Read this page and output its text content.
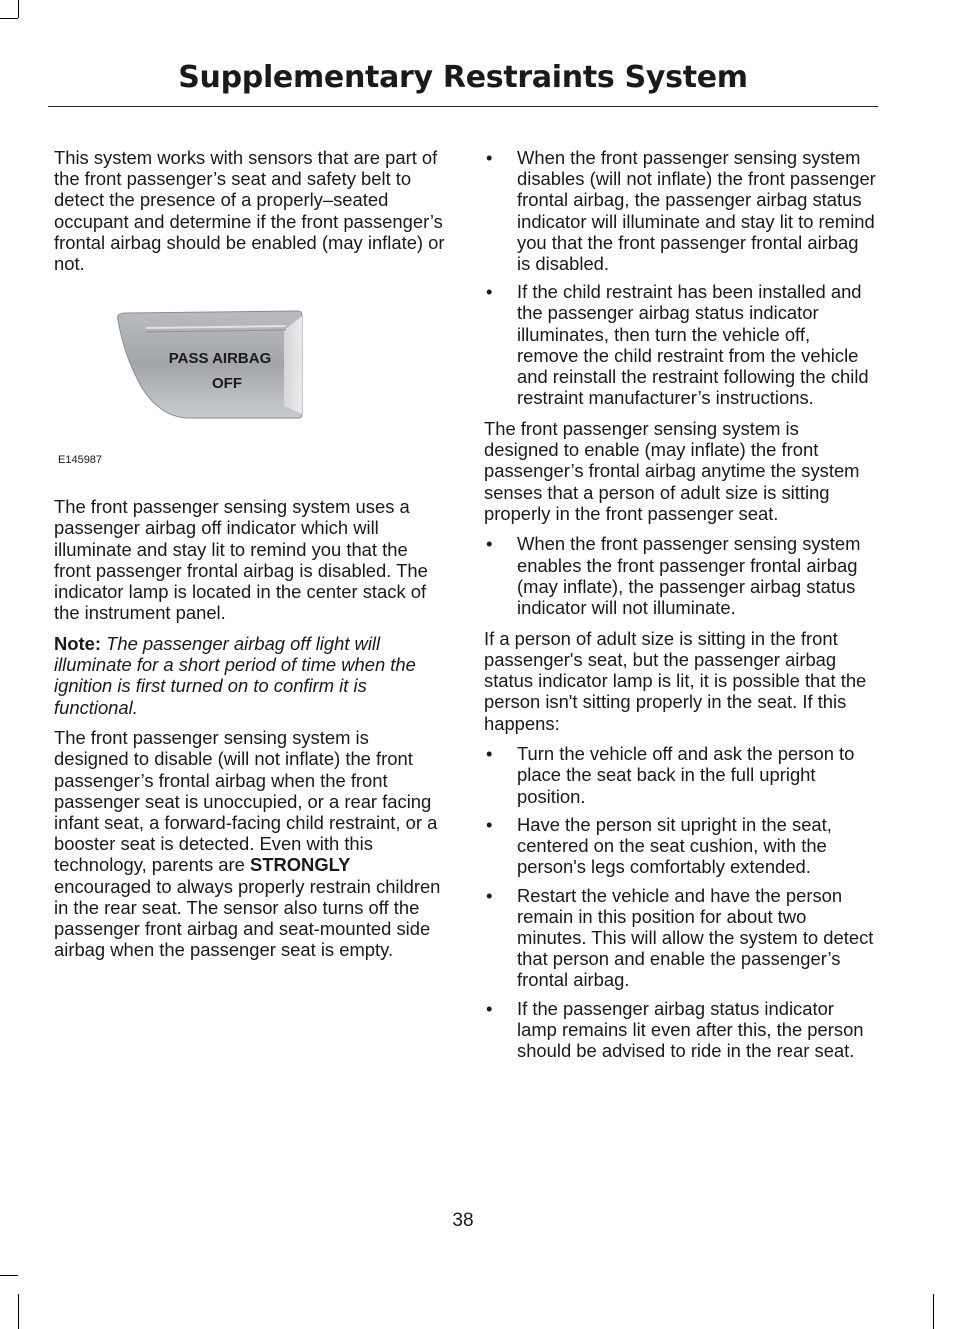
Supplementary Restraints System

This system works with sensors that are part of the front passenger’s seat and safety belt to detect the presence of a properly–seated occupant and determine if the front passenger’s frontal airbag should be enabled (may inflate) or not.

PASS AIRBAG
OFF
E145987

The front passenger sensing system uses a passenger airbag off indicator which will illuminate and stay lit to remind you that the front passenger frontal airbag is disabled. The indicator lamp is located in the center stack of the instrument panel.

Note: The passenger airbag off light will illuminate for a short period of time when the ignition is first turned on to confirm it is functional.

The front passenger sensing system is designed to disable (will not inflate) the front passenger’s frontal airbag when the front passenger seat is unoccupied, or a rear facing infant seat, a forward-facing child restraint, or a booster seat is detected. Even with this technology, parents are STRONGLY encouraged to always properly restrain children in the rear seat. The sensor also turns off the passenger front airbag and seat-mounted side airbag when the passenger seat is empty.

• When the front passenger sensing system disables (will not inflate) the front passenger frontal airbag, the passenger airbag status indicator will illuminate and stay lit to remind you that the front passenger frontal airbag is disabled.
• If the child restraint has been installed and the passenger airbag status indicator illuminates, then turn the vehicle off, remove the child restraint from the vehicle and reinstall the restraint following the child restraint manufacturer’s instructions.

The front passenger sensing system is designed to enable (may inflate) the front passenger’s frontal airbag anytime the system senses that a person of adult size is sitting properly in the front passenger seat.

• When the front passenger sensing system enables the front passenger frontal airbag (may inflate), the passenger airbag status indicator will not illuminate.

If a person of adult size is sitting in the front passenger's seat, but the passenger airbag status indicator lamp is lit, it is possible that the person isn't sitting properly in the seat. If this happens:

• Turn the vehicle off and ask the person to place the seat back in the full upright position.
• Have the person sit upright in the seat, centered on the seat cushion, with the person's legs comfortably extended.
• Restart the vehicle and have the person remain in this position for about two minutes. This will allow the system to detect that person and enable the passenger’s frontal airbag.
• If the passenger airbag status indicator lamp remains lit even after this, the person should be advised to ride in the rear seat.
38
